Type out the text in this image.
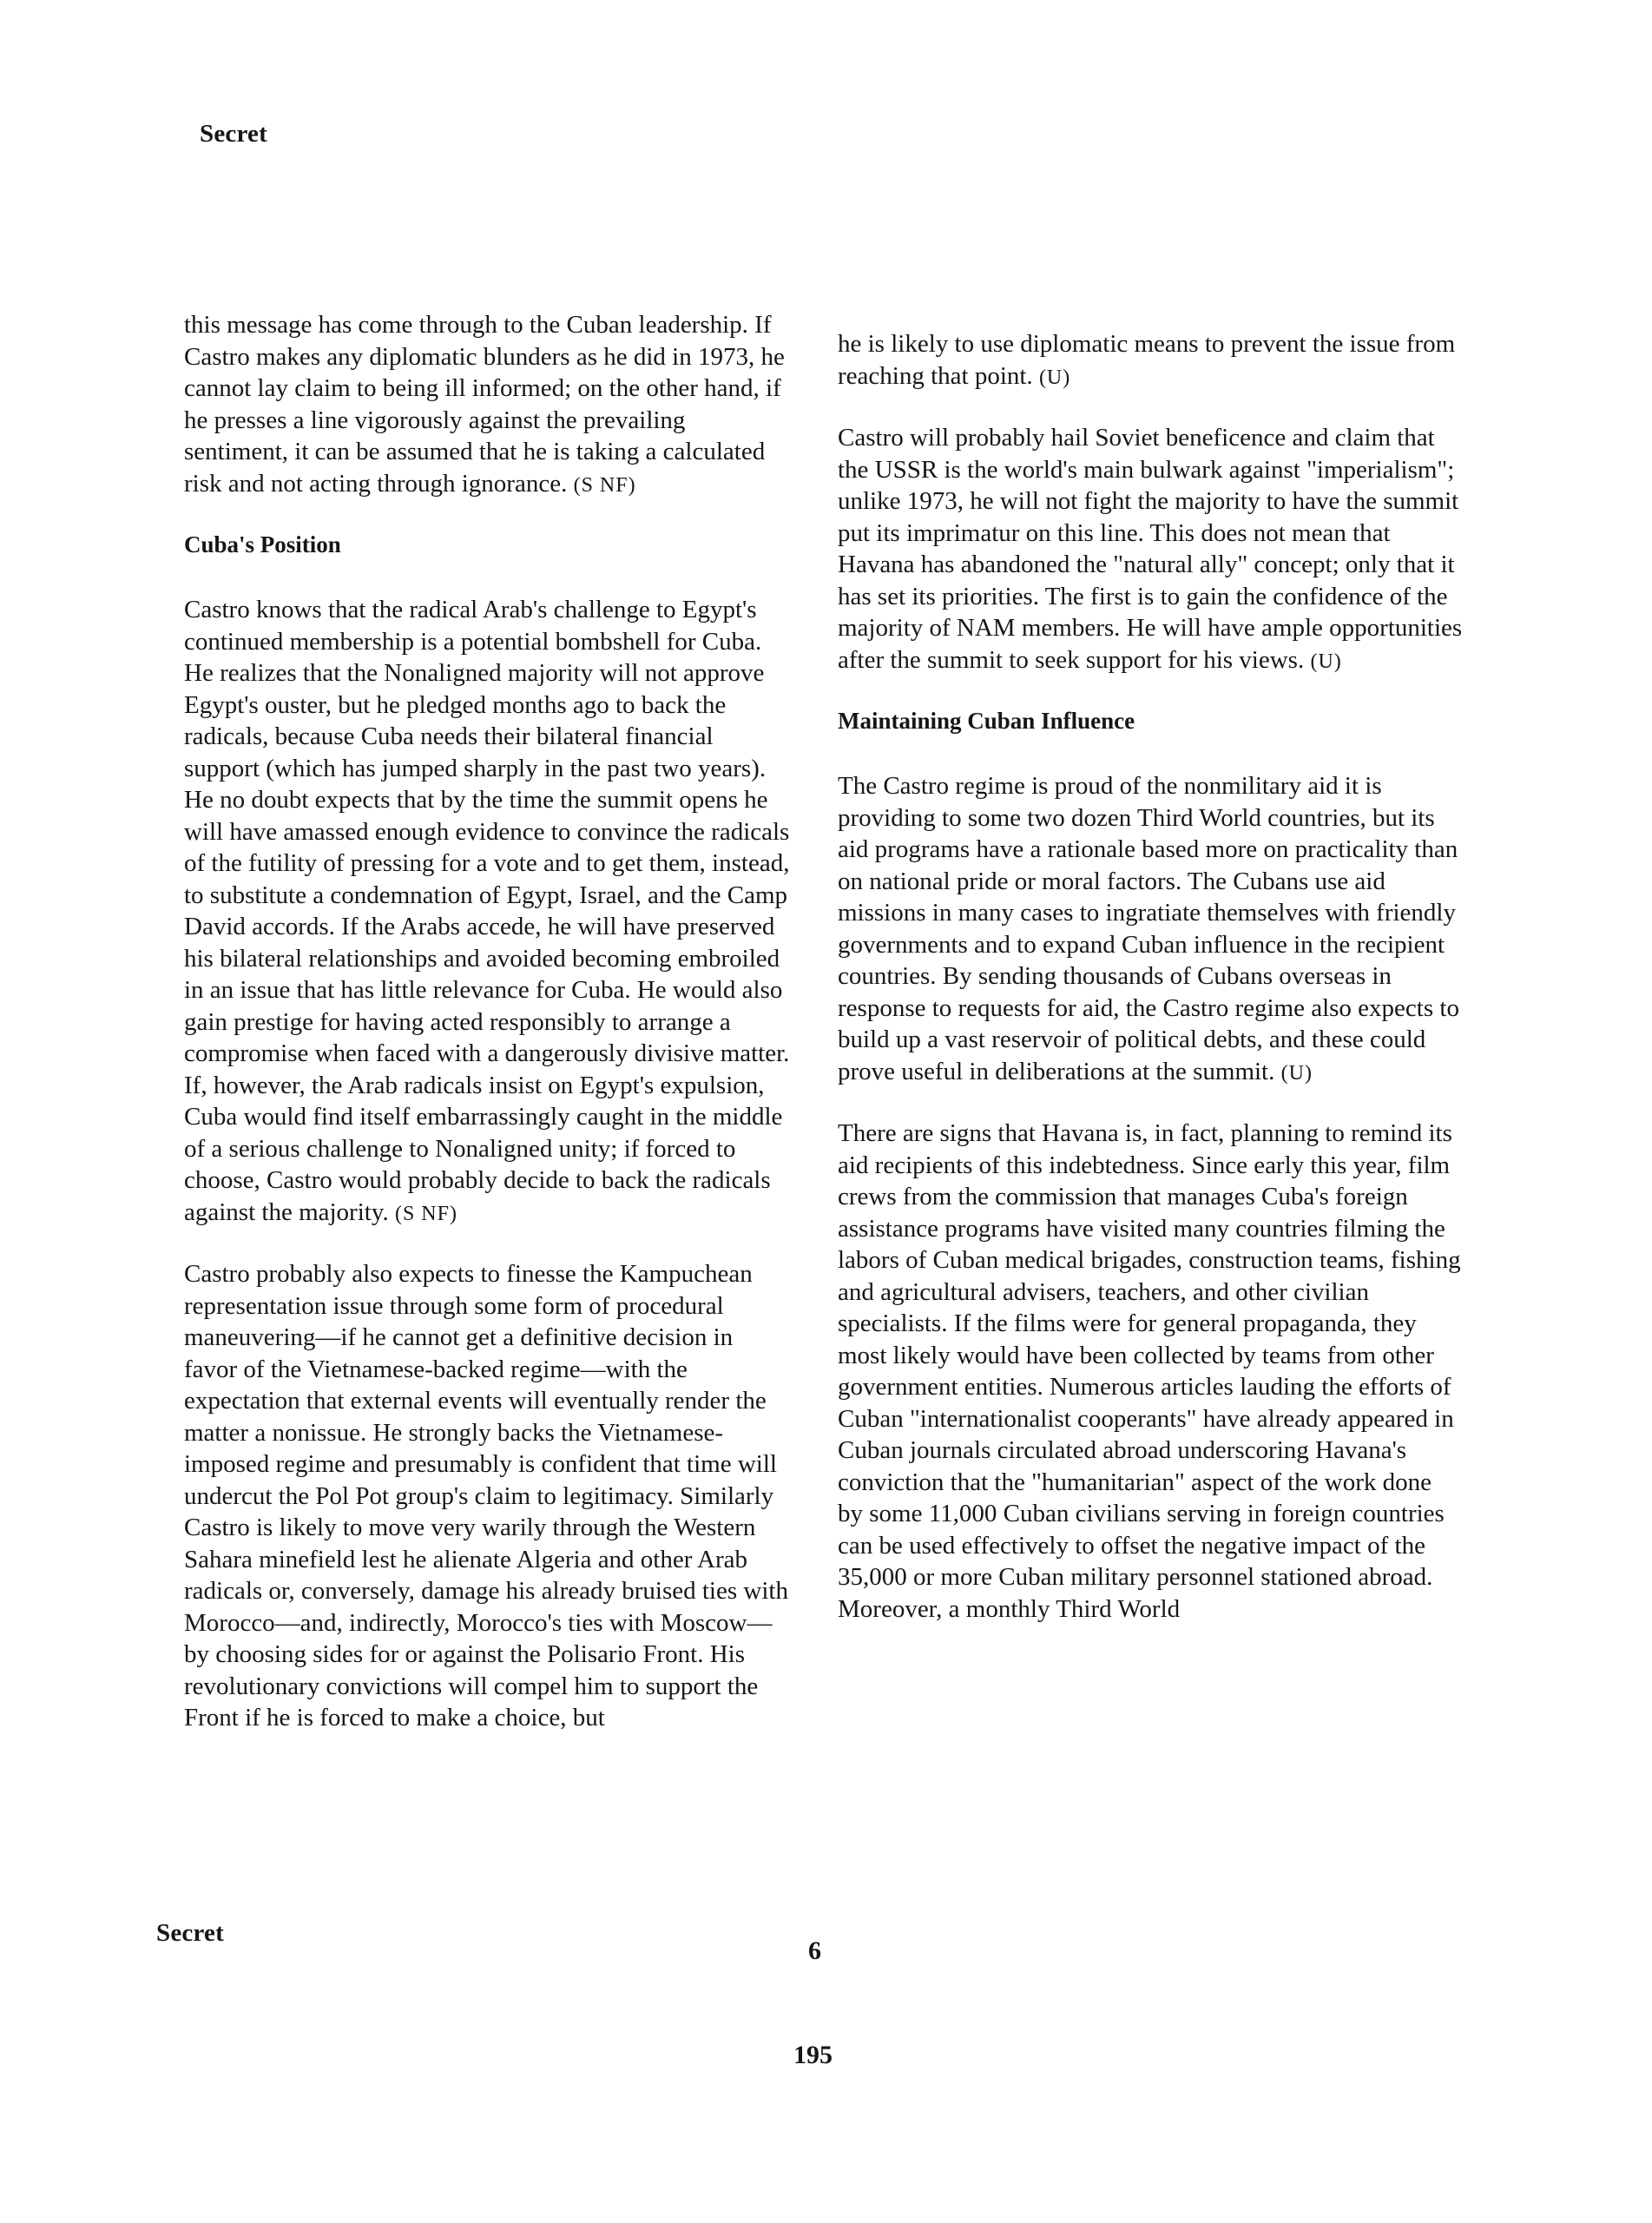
Secret

this message has come through to the Cuban leadership. If Castro makes any diplomatic blunders as he did in 1973, he cannot lay claim to being ill informed; on the other hand, if he presses a line vigorously against the prevailing sentiment, it can be assumed that he is taking a calculated risk and not acting through ignorance. (S NF)

Cuba's Position

Castro knows that the radical Arab's challenge to Egypt's continued membership is a potential bombshell for Cuba. He realizes that the Nonaligned majority will not approve Egypt's ouster, but he pledged months ago to back the radicals, because Cuba needs their bilateral financial support (which has jumped sharply in the past two years). He no doubt expects that by the time the summit opens he will have amassed enough evidence to convince the radicals of the futility of pressing for a vote and to get them, instead, to substitute a condemnation of Egypt, Israel, and the Camp David accords. If the Arabs accede, he will have preserved his bilateral relationships and avoided becoming embroiled in an issue that has little relevance for Cuba. He would also gain prestige for having acted responsibly to arrange a compromise when faced with a dangerously divisive matter. If, however, the Arab radicals insist on Egypt's expulsion, Cuba would find itself embarrassingly caught in the middle of a serious challenge to Nonaligned unity; if forced to choose, Castro would probably decide to back the radicals against the majority. (S NF)

Castro probably also expects to finesse the Kampuchean representation issue through some form of procedural maneuvering—if he cannot get a definitive decision in favor of the Vietnamese-backed regime—with the expectation that external events will eventually render the matter a nonissue. He strongly backs the Vietnamese-imposed regime and presumably is confident that time will undercut the Pol Pot group's claim to legitimacy. Similarly Castro is likely to move very warily through the Western Sahara minefield lest he alienate Algeria and other Arab radicals or, conversely, damage his already bruised ties with Morocco—and, indirectly, Morocco's ties with Moscow—by choosing sides for or against the Polisario Front. His revolutionary convictions will compel him to support the Front if he is forced to make a choice, but

he is likely to use diplomatic means to prevent the issue from reaching that point. (U)

Castro will probably hail Soviet beneficence and claim that the USSR is the world's main bulwark against "imperialism"; unlike 1973, he will not fight the majority to have the summit put its imprimatur on this line. This does not mean that Havana has abandoned the "natural ally" concept; only that it has set its priorities. The first is to gain the confidence of the majority of NAM members. He will have ample opportunities after the summit to seek support for his views. (U)

Maintaining Cuban Influence

The Castro regime is proud of the nonmilitary aid it is providing to some two dozen Third World countries, but its aid programs have a rationale based more on practicality than on national pride or moral factors. The Cubans use aid missions in many cases to ingratiate themselves with friendly governments and to expand Cuban influence in the recipient countries. By sending thousands of Cubans overseas in response to requests for aid, the Castro regime also expects to build up a vast reservoir of political debts, and these could prove useful in deliberations at the summit. (U)

There are signs that Havana is, in fact, planning to remind its aid recipients of this indebtedness. Since early this year, film crews from the commission that manages Cuba's foreign assistance programs have visited many countries filming the labors of Cuban medical brigades, construction teams, fishing and agricultural advisers, teachers, and other civilian specialists. If the films were for general propaganda, they most likely would have been collected by teams from other government entities. Numerous articles lauding the efforts of Cuban "internationalist cooperants" have already appeared in Cuban journals circulated abroad underscoring Havana's conviction that the "humanitarian" aspect of the work done by some 11,000 Cuban civilians serving in foreign countries can be used effectively to offset the negative impact of the 35,000 or more Cuban military personnel stationed abroad. Moreover, a monthly Third World

Secret
6
195
